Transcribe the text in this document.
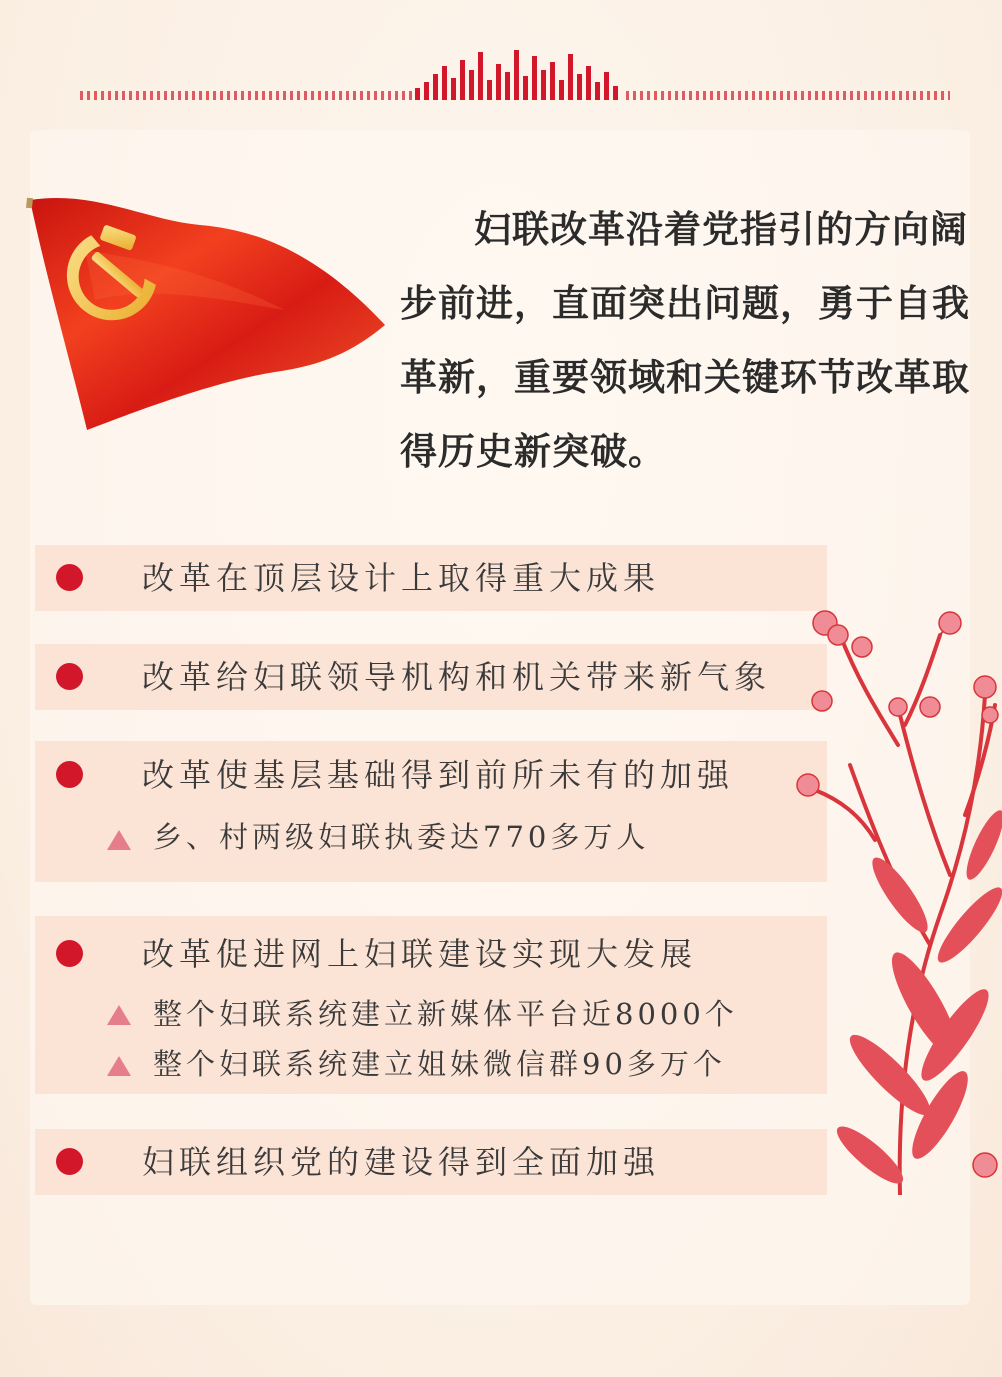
妇联改革沿着党指引的方向阔步前进，直面突出问题，勇于自我革新，重要领域和关键环节改革取得历史新突破。

改革在顶层设计上取得重大成果
改革给妇联领导机构和机关带来新气象
改革使基层基础得到前所未有的加强
乡、村两级妇联执委达770多万人
改革促进网上妇联建设实现大发展
整个妇联系统建立新媒体平台近8000个
整个妇联系统建立姐妹微信群90多万个
妇联组织党的建设得到全面加强
